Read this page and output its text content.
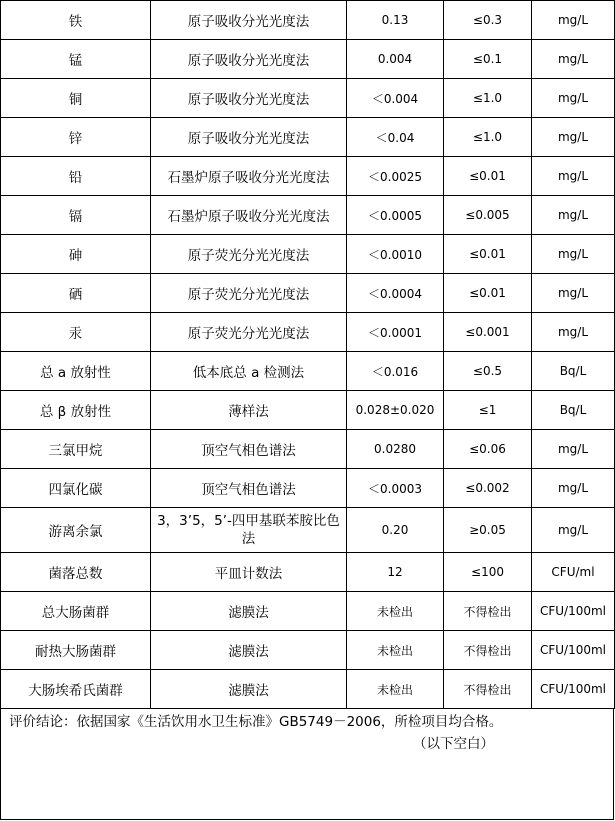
铁	原子吸收分光光度法	0.13	≤0.3	mg/L
锰	原子吸收分光光度法	0.004	≤0.1	mg/L
铜	原子吸收分光光度法	＜0.004	≤1.0	mg/L
锌	原子吸收分光光度法	＜0.04	≤1.0	mg/L
铅	石墨炉原子吸收分光光度法	＜0.0025	≤0.01	mg/L
镉	石墨炉原子吸收分光光度法	＜0.0005	≤0.005	mg/L
砷	原子荧光分光光度法	＜0.0010	≤0.01	mg/L
硒	原子荧光分光光度法	＜0.0004	≤0.01	mg/L
汞	原子荧光分光光度法	＜0.0001	≤0.001	mg/L
总 a 放射性	低本底总 a 检测法	＜0.016	≤0.5	Bq/L
总 β 放射性	薄样法	0.028±0.020	≤1	Bq/L
三氯甲烷	顶空气相色谱法	0.0280	≤0.06	mg/L
四氯化碳	顶空气相色谱法	＜0.0003	≤0.002	mg/L
游离余氯	3，3’5，5’-四甲基联苯胺比色法	0.20	≥0.05	mg/L
菌落总数	平皿计数法	12	≤100	CFU/ml
总大肠菌群	滤膜法	未检出	不得检出	CFU/100ml
耐热大肠菌群	滤膜法	未检出	不得检出	CFU/100ml
大肠埃希氏菌群	滤膜法	未检出	不得检出	CFU/100ml
评价结论：依据国家《生活饮用水卫生标准》GB5749－2006，所检项目均合格。
（以下空白）
